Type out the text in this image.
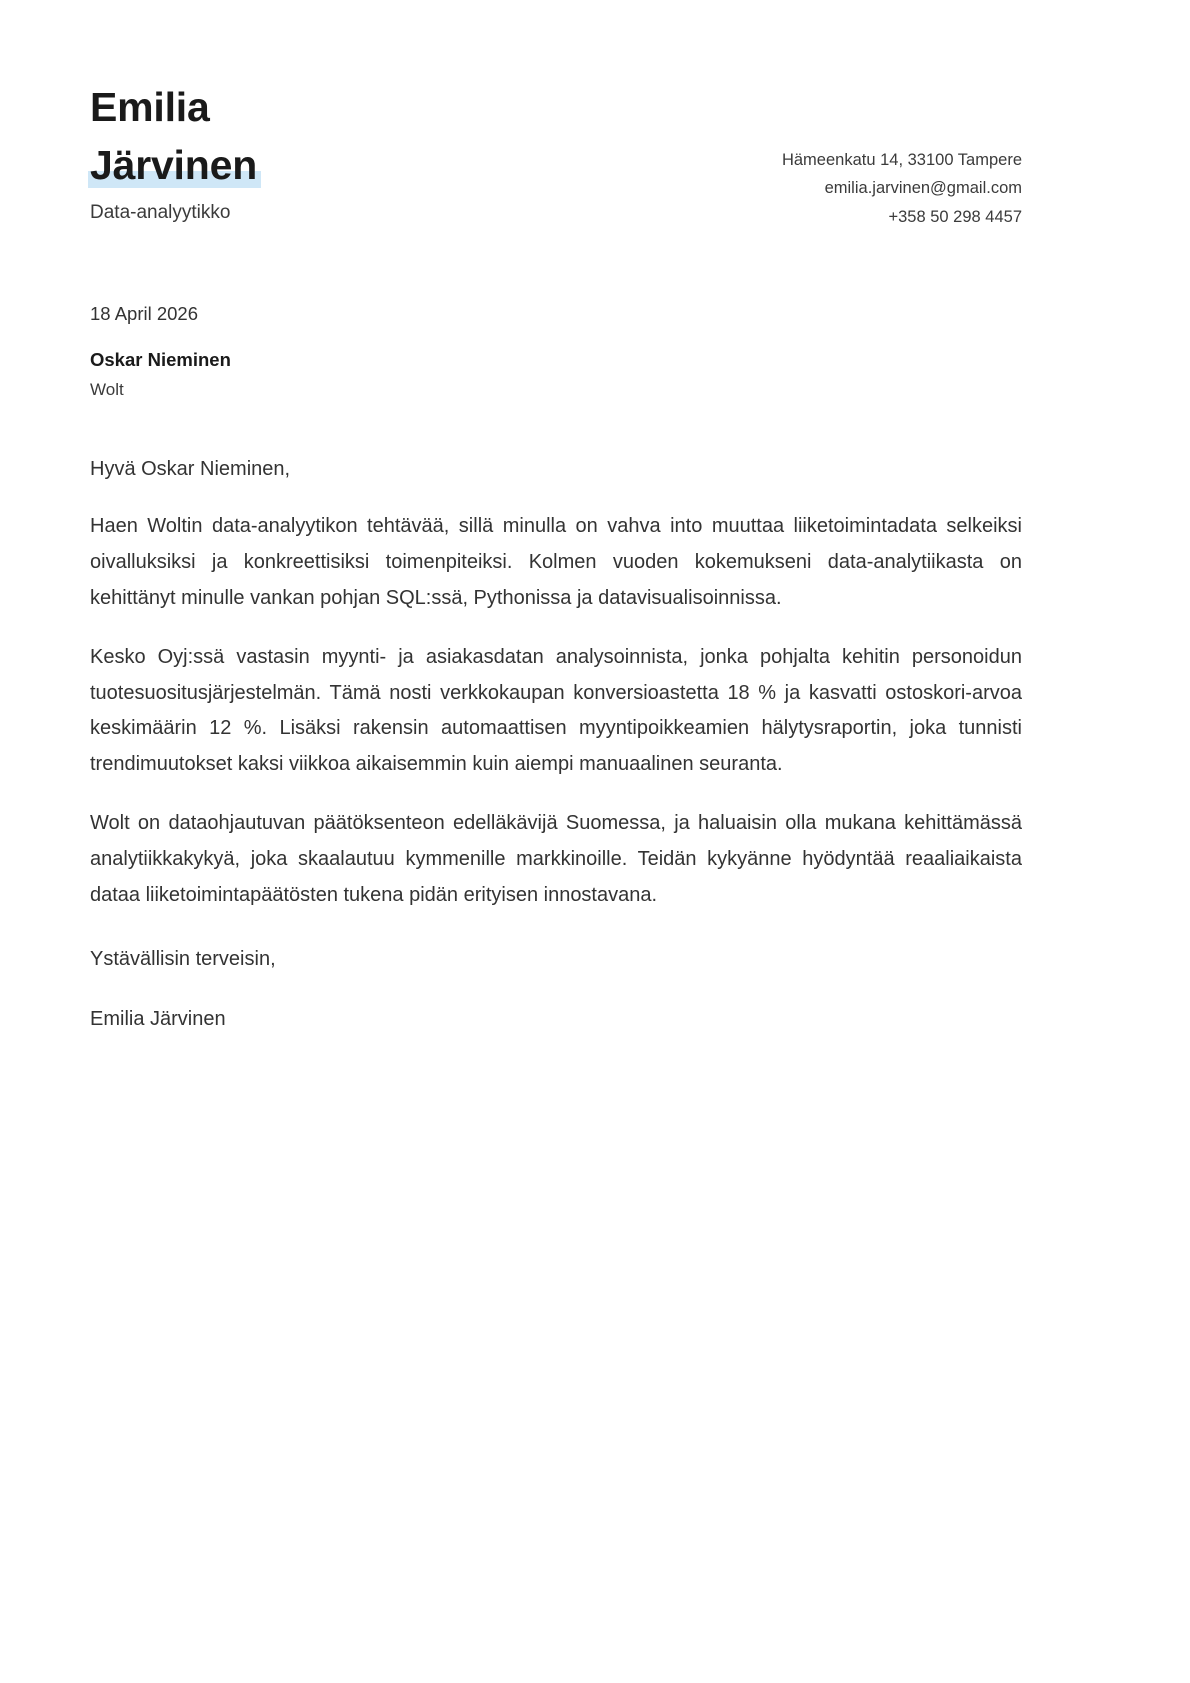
Emilia
Järvinen
Data-analyytikko
Hämeenkatu 14, 33100 Tampere
emilia.jarvinen@gmail.com
+358 50 298 4457
18 April 2026
Oskar Nieminen
Wolt

Hyvä Oskar Nieminen,

Haen Woltin data-analyytikon tehtävää, sillä minulla on vahva into muuttaa liiketoimintadata selkeiksi oivalluksiksi ja konkreettisiksi toimenpiteiksi. Kolmen vuoden kokemukseni data-analytiikasta on kehittänyt minulle vankan pohjan SQL:ssä, Pythonissa ja datavisualisoinnissa.

Kesko Oyj:ssä vastasin myynti- ja asiakasdatan analysoinnista, jonka pohjalta kehitin personoidun tuotesuositusjärjestelmän. Tämä nosti verkkokaupan konversioastetta 18 % ja kasvatti ostoskori-arvoa keskimäärin 12 %. Lisäksi rakensin automaattisen myyntipoikkeamien hälytysraportin, joka tunnisti trendimuutokset kaksi viikkoa aikaisemmin kuin aiempi manuaalinen seuranta.

Wolt on dataohjautuvan päätöksenteon edelläkävijä Suomessa, ja haluaisin olla mukana kehittämässä analytiikkakykyä, joka skaalautuu kymmenille markkinoille. Teidän kykyänne hyödyntää reaaliaikaista dataa liiketoimintapäätösten tukena pidän erityisen innostavana.

Ystävällisin terveisin,

Emilia Järvinen
